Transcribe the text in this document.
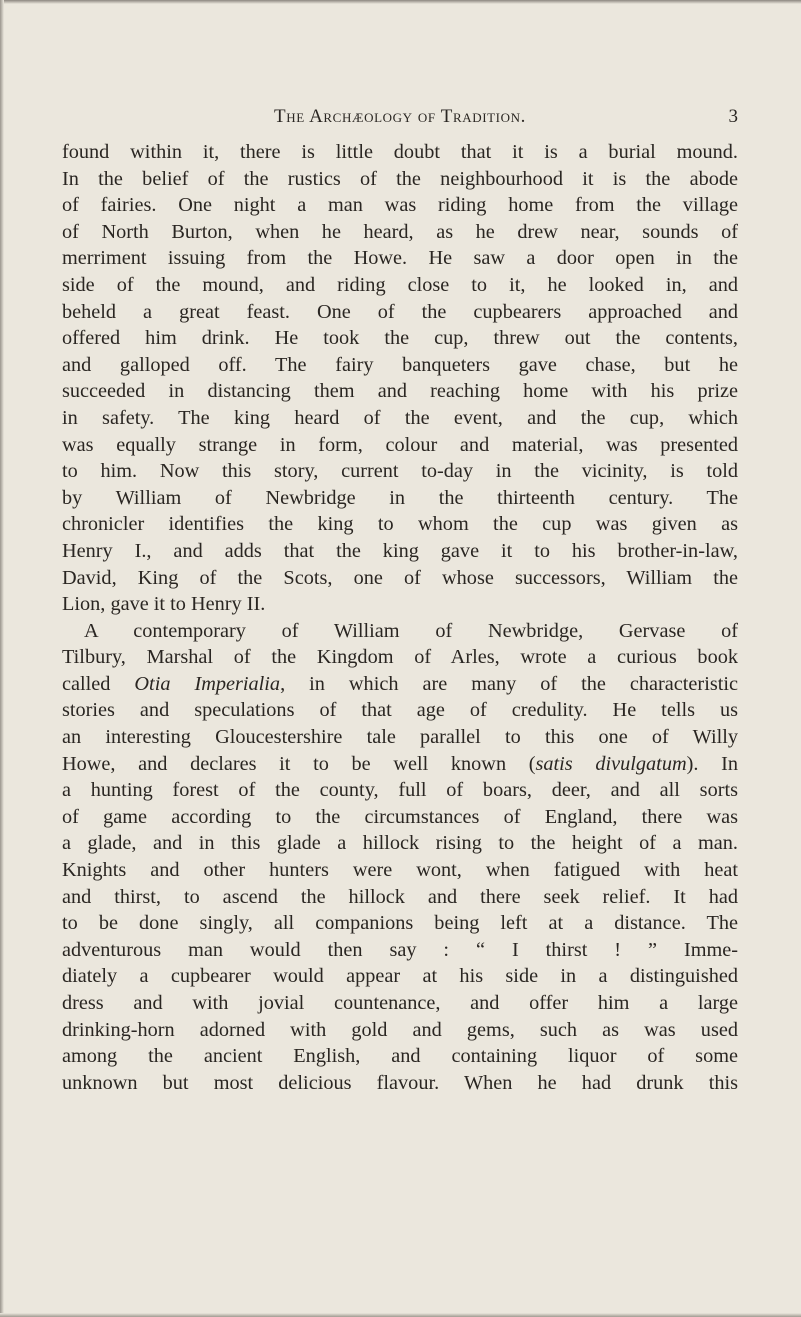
The Archæology of Tradition.	3
found within it, there is little doubt that it is a burial mound.
In the belief of the rustics of the neighbourhood it is the abode
of fairies. One night a man was riding home from the village
of North Burton, when he heard, as he drew near, sounds of
merriment issuing from the Howe. He saw a door open in the
side of the mound, and riding close to it, he looked in, and
beheld a great feast. One of the cupbearers approached and
offered him drink. He took the cup, threw out the contents,
and galloped off. The fairy banqueters gave chase, but he
succeeded in distancing them and reaching home with his prize
in safety. The king heard of the event, and the cup, which
was equally strange in form, colour and material, was presented
to him. Now this story, current to-day in the vicinity, is told
by William of Newbridge in the thirteenth century. The
chronicler identifies the king to whom the cup was given as
Henry I., and adds that the king gave it to his brother-in-law,
David, King of the Scots, one of whose successors, William the
Lion, gave it to Henry II.
A contemporary of William of Newbridge, Gervase of
Tilbury, Marshal of the Kingdom of Arles, wrote a curious book
called Otia Imperialia, in which are many of the characteristic
stories and speculations of that age of credulity. He tells us
an interesting Gloucestershire tale parallel to this one of Willy
Howe, and declares it to be well known (satis divulgatum). In
a hunting forest of the county, full of boars, deer, and all sorts
of game according to the circumstances of England, there was
a glade, and in this glade a hillock rising to the height of a man.
Knights and other hunters were wont, when fatigued with heat
and thirst, to ascend the hillock and there seek relief. It had
to be done singly, all companions being left at a distance. The
adventurous man would then say : “ I thirst ! ” Imme-
diately a cupbearer would appear at his side in a distinguished
dress and with jovial countenance, and offer him a large
drinking-horn adorned with gold and gems, such as was used
among the ancient English, and containing liquor of some
unknown but most delicious flavour. When he had drunk this
